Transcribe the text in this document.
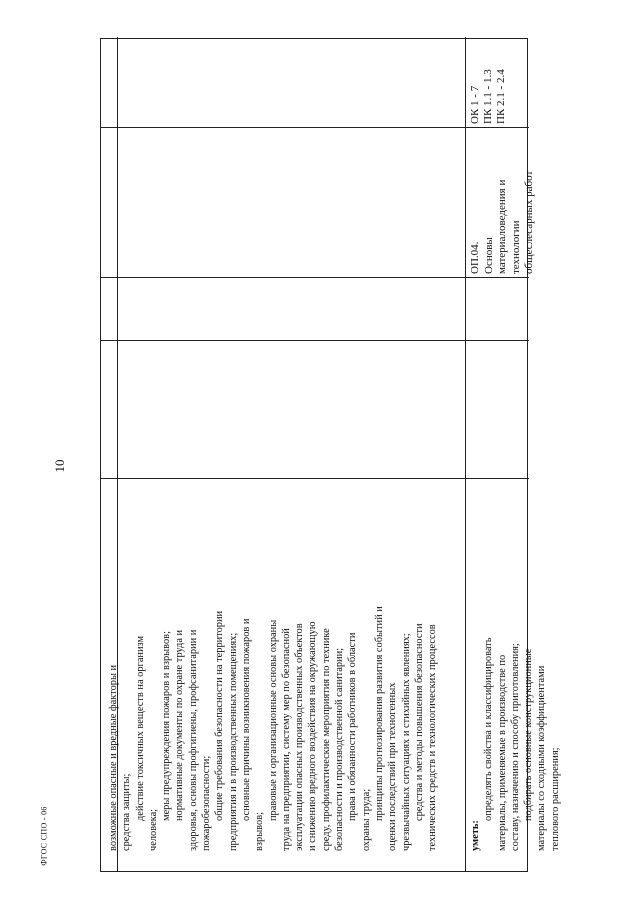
10
ФГОС СПО - 06	возможные опасные и вредные факторы и средства защиты; действие токсичных веществ на организм
человека;
меры предупреждения пожаров и взрывов; нормативные документы по охране труда и здоровья, основы профгигиены, профсанитарии и пожаробезопасности; общие требования безопасности на территории предприятия и в производственных помещениях; основные причины возникновения пожаров и
взрывов;
правовые и организационные основы охраны труда на предприятии, систему мер по безопасной эксплуатации опасных производственных объектов и снижению вредного воздействия на окружающую среду, профилактические мероприятия по технике безопасности и производственной санитарии; права и обязанности работников в области охраны труда; принципы прогнозирования развития событий и оценки последствий при техногенных чрезвычайных ситуациях и стихийных явлениях; средства и методы повышения безопасности технических средств и технологических процессов	уметь:
определять свойства и классифицировать материалы, применяемые в производстве по составу, назначению и способу приготовления; подбирать основные конструкционные материалы со сходными коэффициентами теплового расширения;
ОП.04. Основы материаловедения и технологии общеслесарных работ
ОК 1 - 7 ПК 1.1 - 1.3 ПК 2.1 - 2.4
